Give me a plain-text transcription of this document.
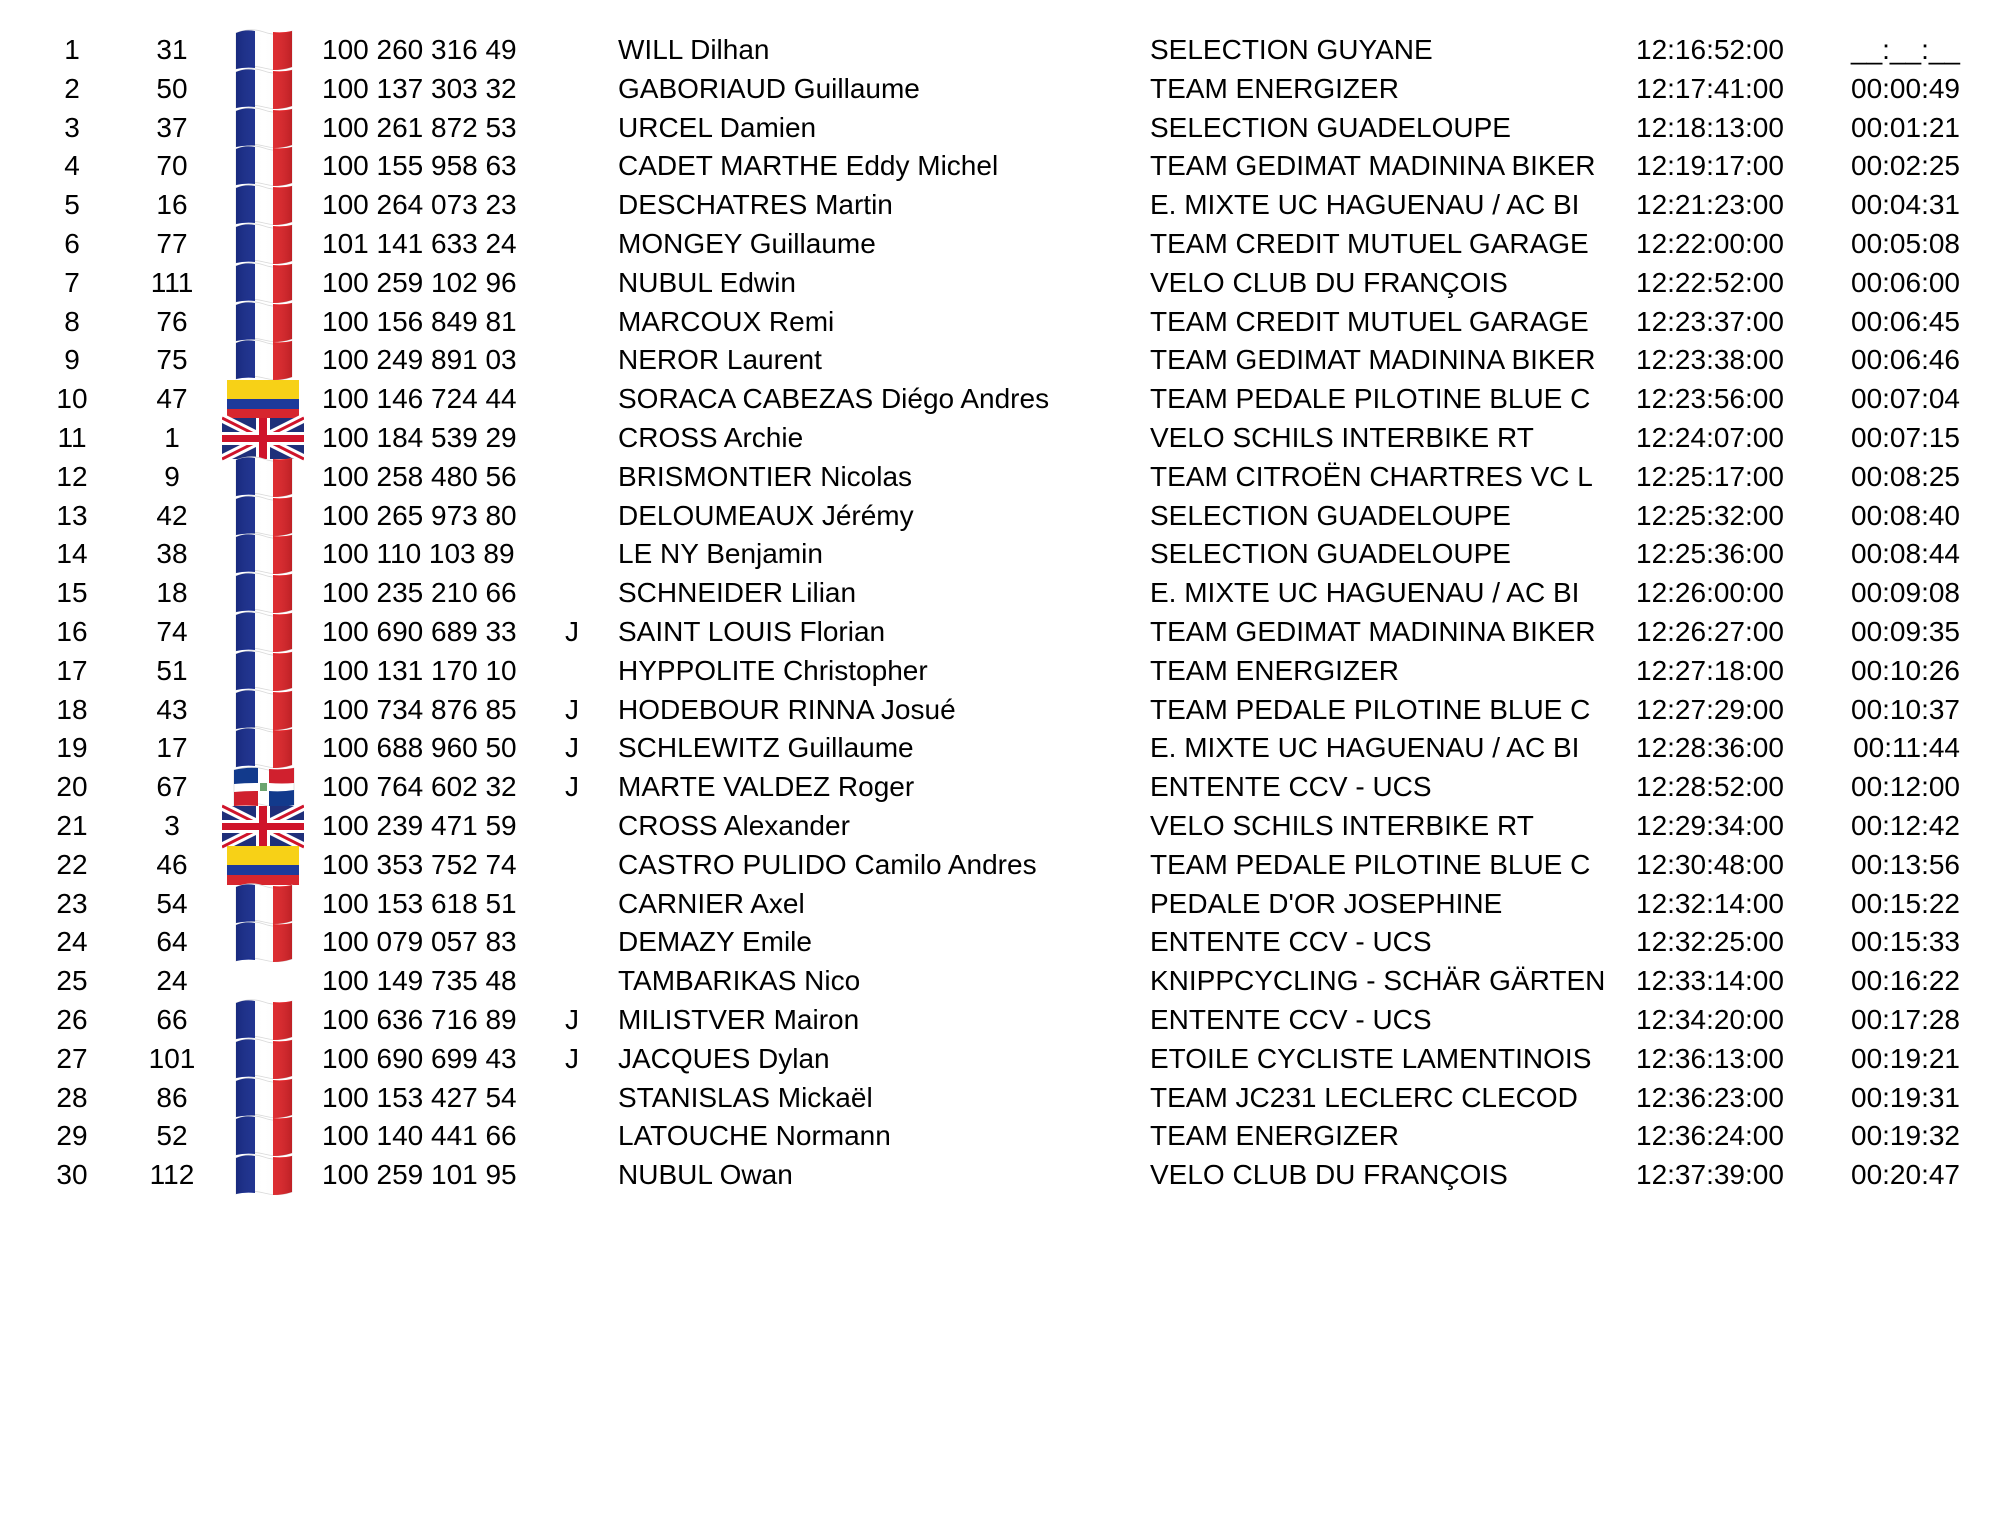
1	31	100 260 316 49	WILL Dilhan	SELECTION GUYANE	12:16:52:00	__:__:__
2	50	100 137 303 32	GABORIAUD Guillaume	TEAM ENERGIZER	12:17:41:00	00:00:49
3	37	100 261 872 53	URCEL Damien	SELECTION GUADELOUPE	12:18:13:00	00:01:21
4	70	100 155 958 63	CADET MARTHE Eddy Michel	TEAM GEDIMAT MADININA BIKER	12:19:17:00	00:02:25
5	16	100 264 073 23	DESCHATRES Martin	E. MIXTE UC HAGUENAU / AC BI	12:21:23:00	00:04:31
6	77	101 141 633 24	MONGEY Guillaume	TEAM CREDIT MUTUEL GARAGE	12:22:00:00	00:05:08
7	111	100 259 102 96	NUBUL Edwin	VELO CLUB DU FRANÇOIS	12:22:52:00	00:06:00
8	76	100 156 849 81	MARCOUX Remi	TEAM CREDIT MUTUEL GARAGE	12:23:37:00	00:06:45
9	75	100 249 891 03	NEROR Laurent	TEAM GEDIMAT MADININA BIKER	12:23:38:00	00:06:46
10	47	100 146 724 44	SORACA CABEZAS Diégo Andres	TEAM PEDALE PILOTINE BLUE C	12:23:56:00	00:07:04
11	1	100 184 539 29	CROSS Archie	VELO SCHILS INTERBIKE RT	12:24:07:00	00:07:15
12	9	100 258 480 56	BRISMONTIER Nicolas	TEAM CITROËN CHARTRES VC L	12:25:17:00	00:08:25
13	42	100 265 973 80	DELOUMEAUX Jérémy	SELECTION GUADELOUPE	12:25:32:00	00:08:40
14	38	100 110 103 89	LE NY Benjamin	SELECTION GUADELOUPE	12:25:36:00	00:08:44
15	18	100 235 210 66	SCHNEIDER Lilian	E. MIXTE UC HAGUENAU / AC BI	12:26:00:00	00:09:08
16	74	100 690 689 33	J SAINT LOUIS Florian	TEAM GEDIMAT MADININA BIKER	12:26:27:00	00:09:35
17	51	100 131 170 10	HYPPOLITE Christopher	TEAM ENERGIZER	12:27:18:00	00:10:26
18	43	100 734 876 85	J HODEBOUR RINNA Josué	TEAM PEDALE PILOTINE BLUE C	12:27:29:00	00:10:37
19	17	100 688 960 50	J SCHLEWITZ Guillaume	E. MIXTE UC HAGUENAU / AC BI	12:28:36:00	00:11:44
20	67	100 764 602 32	J MARTE VALDEZ Roger	ENTENTE CCV - UCS	12:28:52:00	00:12:00
21	3	100 239 471 59	CROSS Alexander	VELO SCHILS INTERBIKE RT	12:29:34:00	00:12:42
22	46	100 353 752 74	CASTRO PULIDO Camilo Andres	TEAM PEDALE PILOTINE BLUE C	12:30:48:00	00:13:56
23	54	100 153 618 51	CARNIER Axel	PEDALE D'OR JOSEPHINE	12:32:14:00	00:15:22
24	64	100 079 057 83	DEMAZY Emile	ENTENTE CCV - UCS	12:32:25:00	00:15:33
25	24	100 149 735 48	TAMBARIKAS Nico	KNIPPCYCLING - SCHÄR GÄRTEN	12:33:14:00	00:16:22
26	66	100 636 716 89	J MILISTVER Mairon	ENTENTE CCV - UCS	12:34:20:00	00:17:28
27	101	100 690 699 43	J JACQUES Dylan	ETOILE CYCLISTE LAMENTINOIS	12:36:13:00	00:19:21
28	86	100 153 427 54	STANISLAS Mickaël	TEAM JC231 LECLERC CLECOD	12:36:23:00	00:19:31
29	52	100 140 441 66	LATOUCHE Normann	TEAM ENERGIZER	12:36:24:00	00:19:32
30	112	100 259 101 95	NUBUL Owan	VELO CLUB DU FRANÇOIS	12:37:39:00	00:20:47
